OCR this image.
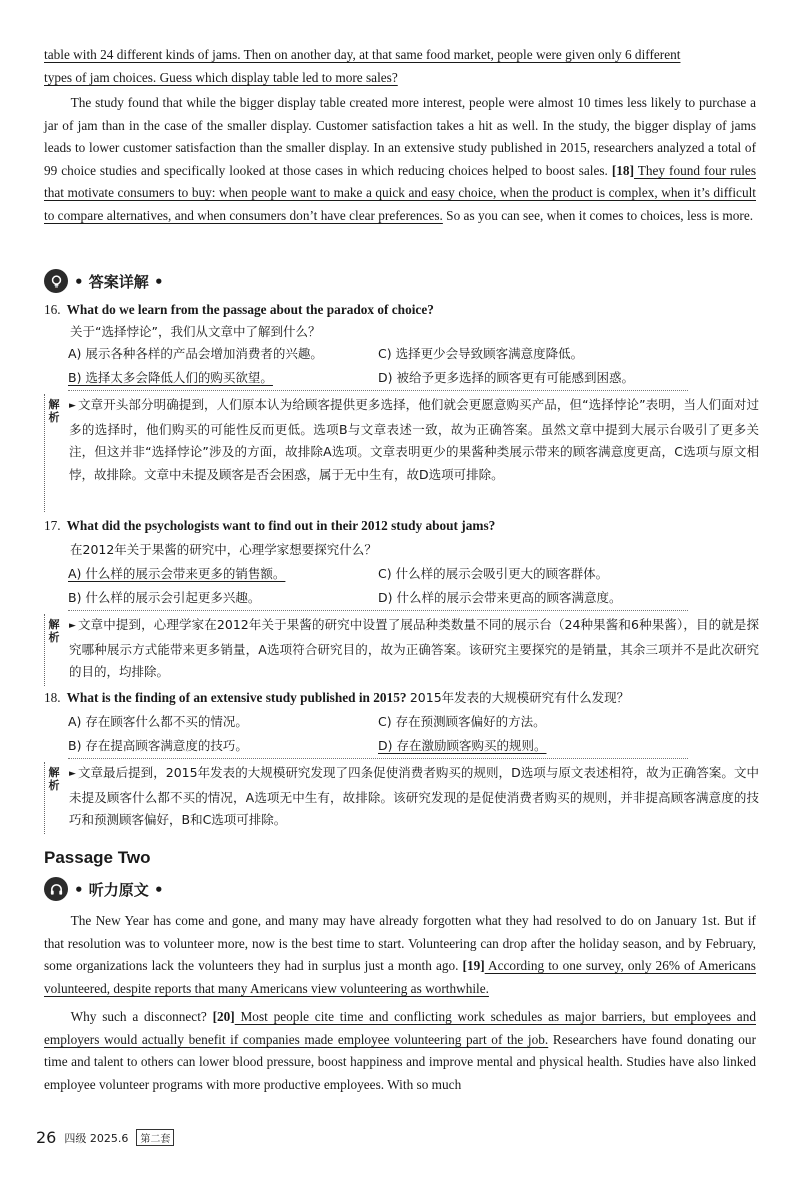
table with 24 different kinds of jams. Then on another day, at that same food market, people were given only 6 different
types of jam choices. Guess which display table led to more sales?

The study found that while the bigger display table created more interest, people were almost 10 times less likely to purchase a jar of jam than in the case of the smaller display. Customer satisfaction takes a hit as well. In the study, the bigger display of jams leads to lower customer satisfaction than the smaller display. In an extensive study published in 2015, researchers analyzed a total of 99 choice studies and specifically looked at those cases in which reducing choices helped to boost sales. [18] They found four rules that motivate consumers to buy: when people want to make a quick and easy choice, when the product is complex, when it’s difficult to compare alternatives, and when consumers don’t have clear preferences. So as you can see, when it comes to choices, less is more.

• 答案详解 •
16. What do we learn from the passage about the paradox of choice?
关于“选择悖论”，我们从文章中了解到什么？
A) 展示各种各样的产品会增加消费者的兴趣。	C) 选择更少会导致顾客满意度降低。
B) 选择太多会降低人们的购买欲望。	D) 被给予更多选择的顾客更有可能感到困惑。
解析

► 文章开头部分明确提到，人们原本认为给顾客提供更多选择，他们就会更愿意购买产品，但“选择悖论”表明，当人们面对过多的选择时，他们购买的可能性反而更低。选项B与文章表述一致，故为正确答案。虽然文章中提到大展示台吸引了更多关注，但这并非“选择悖论”涉及的方面，故排除A选项。文章表明更少的果酱种类展示带来的顾客满意度更高，C选项与原文相悖，故排除。文章中未提及顾客是否会困惑，属于无中生有，故D选项可排除。

17. What did the psychologists want to find out in their 2012 study about jams?
在2012年关于果酱的研究中，心理学家想要探究什么？
A) 什么样的展示会带来更多的销售额。	C) 什么样的展示会吸引更大的顾客群体。
B) 什么样的展示会引起更多兴趣。	D) 什么样的展示会带来更高的顾客满意度。
解析

► 文章中提到，心理学家在2012年关于果酱的研究中设置了展品种类数量不同的展示台（24种果酱和6种果酱），目的就是探究哪种展示方式能带来更多销量，A选项符合研究目的，故为正确答案。该研究主要探究的是销量，其余三项并不是此次研究的目的，均排除。

18. What is the finding of an extensive study published in 2015? 2015年发表的大规模研究有什么发现？
A) 存在顾客什么都不买的情况。	C) 存在预测顾客偏好的方法。
B) 存在提高顾客满意度的技巧。	D) 存在激励顾客购买的规则。
解析

► 文章最后提到，2015年发表的大规模研究发现了四条促使消费者购买的规则，D选项与原文表述相符，故为正确答案。文中未提及顾客什么都不买的情况，A选项无中生有，故排除。该研究发现的是促使消费者购买的规则，并非提高顾客满意度的技巧和预测顾客偏好，B和C选项可排除。

Passage Two
• 听力原文 •

The New Year has come and gone, and many may have already forgotten what they had resolved to do on January 1st. But if that resolution was to volunteer more, now is the best time to start. Volunteering can drop after the holiday season, and by February, some organizations lack the volunteers they had in surplus just a month ago. [19] According to one survey, only 26% of Americans volunteered, despite reports that many Americans view volunteering as worthwhile.

Why such a disconnect? [20] Most people cite time and conflicting work schedules as major barriers, but employees and employers would actually benefit if companies made employee volunteering part of the job. Researchers have found donating our time and talent to others can lower blood pressure, boost happiness and improve mental and physical health. Studies have also linked employee volunteer programs with more productive employees. With so much

26 四级 2025.6	第二套
